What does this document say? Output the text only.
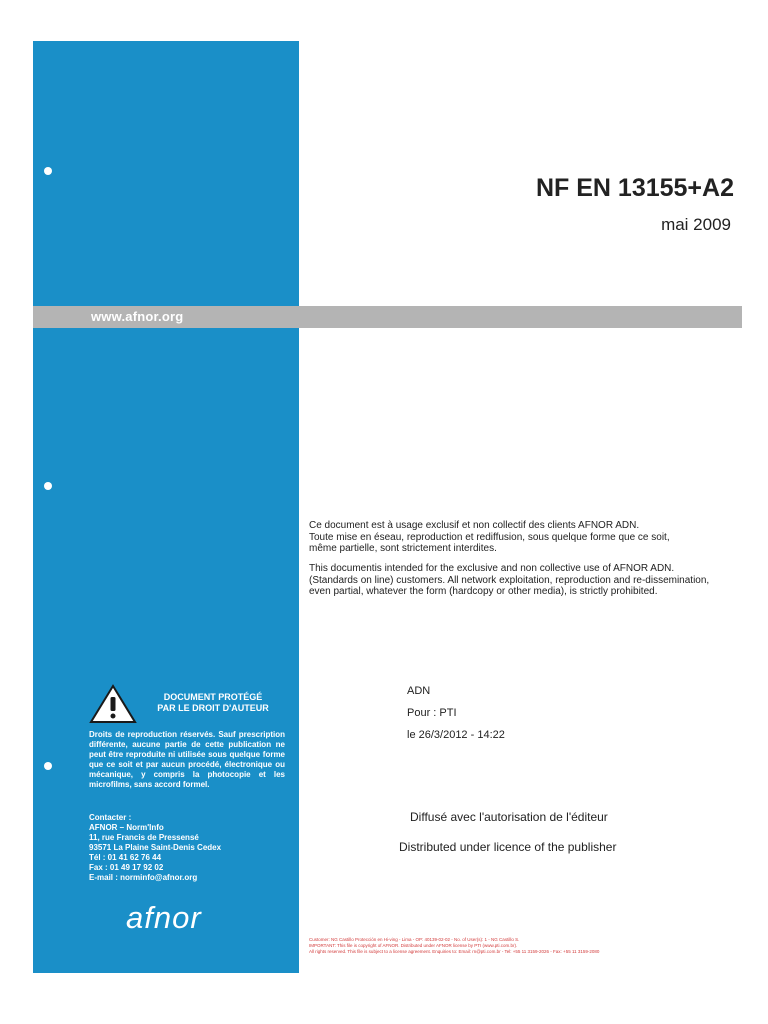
www.afnor.org
NF EN 13155+A2
mai 2009
Ce document est à usage exclusif et non collectif des clients AFNOR ADN.
Toute mise en éseau, reproduction et rediffusion, sous quelque forme que ce soit,
même partielle, sont strictement interdites.
This documentis intended for the exclusive and non collective use of AFNOR ADN.
(Standards on line) customers. All network exploitation, reproduction and re-dissemination,
even partial, whatever the form (hardcopy or other media), is strictly prohibited.
ADN
Pour : PTI
le 26/3/2012 - 14:22
Diffusé avec l'autorisation de l'éditeur
Distributed under licence of the publisher
DOCUMENT PROTÉGÉ
PAR LE DROIT D'AUTEUR
Droits de reproduction réservés. Sauf prescription différente, aucune partie de cette publication ne peut être reproduite ni utilisée sous quelque forme que ce soit et par aucun procédé, électronique ou mécanique, y compris la photocopie et les microfilms, sans accord formel.
Contacter :
AFNOR – Norm'Info
11, rue Francis de Pressensé
93571 La Plaine Saint-Denis Cedex
Tél : 01 41 62 76 44
Fax : 01 49 17 92 02
E-mail : norminfo@afnor.org
afnor
Customer: NG Castillo Protección en Hi-ving - Lima - OP: 40139-02-02 - No. of User(s): 1 - NG Castillo S.
IMPORTANT: This file is copyright of AFNOR. Distributed under AFNOR license by PTI (www.pti.com.br).
All rights reserved. This file is subject to a license agreement. Enquiries to: Email: rn@pti.com.br - Tel: +55 11 3159-2026 - Fax: +55 11 3159-2080
